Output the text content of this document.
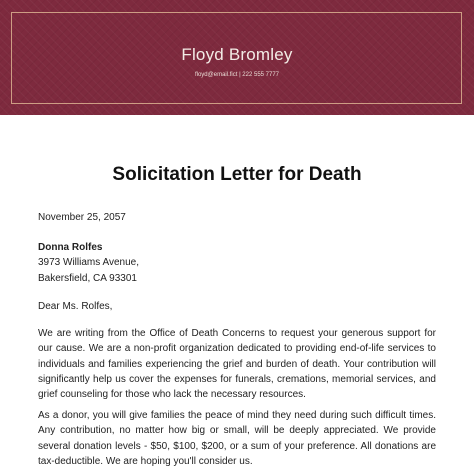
Floyd Bromley
floyd@email.fict | 222 555 7777
Solicitation Letter for Death
November 25, 2057
Donna Rolfes
3973 Williams Avenue,
Bakersfield, CA 93301
Dear Ms. Rolfes,
We are writing from the Office of Death Concerns to request your generous support for our cause. We are a non-profit organization dedicated to providing end-of-life services to individuals and families experiencing the grief and burden of death. Your contribution will significantly help us cover the expenses for funerals, cremations, memorial services, and grief counseling for those who lack the necessary resources.
As a donor, you will give families the peace of mind they need during such difficult times. Any contribution, no matter how big or small, will be deeply appreciated. We provide several donation levels - $50, $100, $200, or a sum of your preference. All donations are tax-deductible. We are hoping you'll consider us.
